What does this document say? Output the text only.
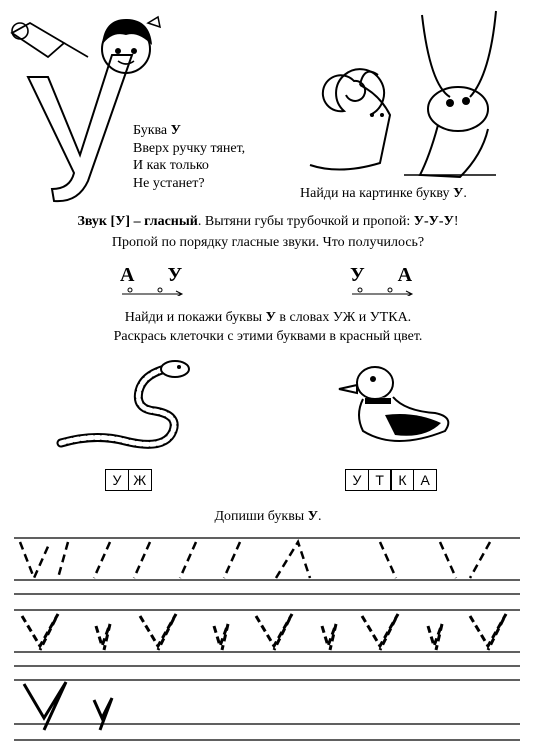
Буква У
Вверх ручку тянет,
И как только
Не устанет?
Найди на картинке букву У.
Звук [У] – гласный. Вытяни губы трубочкой и пропой: У-У-У!
Пропой по порядку гласные звуки. Что получилось?
А У	У А
Найди и покажи буквы У в словах УЖ и УТКА.
Раскрась клеточки с этими буквами в красный цвет.
У Ж	У Т	К А
Допиши буквы У.
